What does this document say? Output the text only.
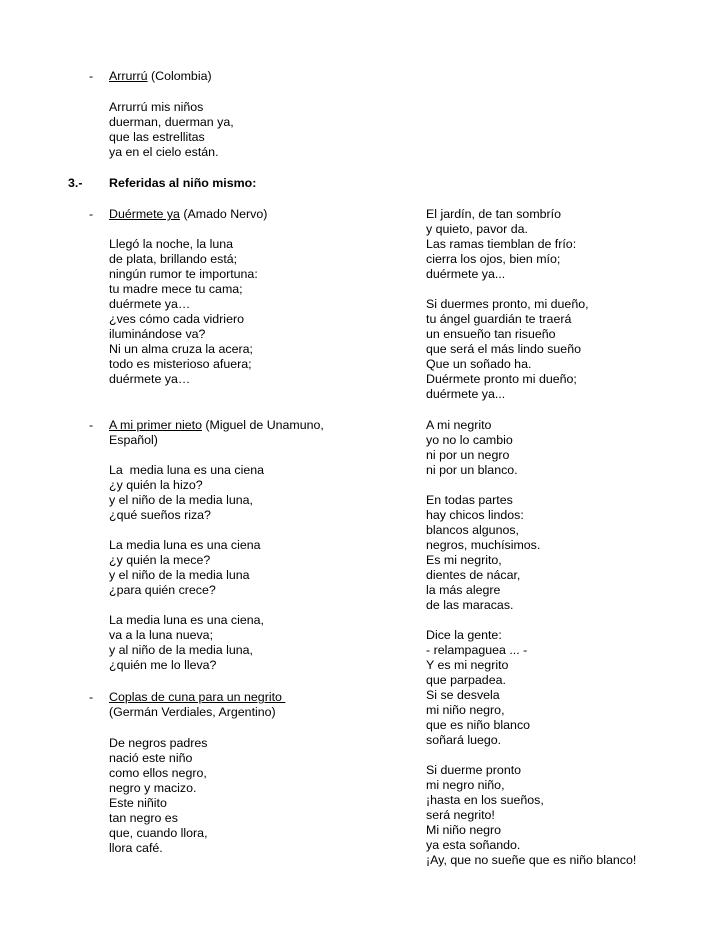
- Arrurrú (Colombia)
Arrurrú mis niños
duerman, duerman ya,
que las estrellitas
ya en el cielo están.
3.- Referidas al niño mismo:
- Duérmete ya (Amado Nervo)
Llegó la noche, la luna
de plata, brillando está;
ningún rumor te importuna:
tu madre mece tu cama;
duérmete ya…
¿ves cómo cada vidriero
iluminándose va?
Ni un alma cruza la acera;
todo es misterioso afuera;
duérmete ya…
El jardín, de tan sombrío
y quieto, pavor da.
Las ramas tiemblan de frío:
cierra los ojos, bien mío;
duérmete ya...
Si duermes pronto, mi dueño,
tu ángel guardián te traerá
un ensueño tan risueño
que será el más lindo sueño
Que un soñado ha.
Duérmete pronto mi dueño;
duérmete ya...
- A mi primer nieto (Miguel de Unamuno,
Español)
La  media luna es una ciena
¿y quién la hizo?
y el niño de la media luna,
¿qué sueños riza?
La media luna es una ciena
¿y quién la mece?
y el niño de la media luna
¿para quién crece?
La media luna es una ciena,
va a la luna nueva;
y al niño de la media luna,
¿quién me lo lleva?
- Coplas de cuna para un negrito
(Germán Verdiales, Argentino)
De negros padres
nació este niño
como ellos negro,
negro y macizo.
Este niñito
tan negro es
que, cuando llora,
llora café.
A mi negrito
yo no lo cambio
ni por un negro
ni por un blanco.
En todas partes
hay chicos lindos:
blancos algunos,
negros, muchísimos.
Es mi negrito,
dientes de nácar,
la más alegre
de las maracas.
Dice la gente:
- relampaguea ... -
Y es mi negrito
que parpadea.
Si se desvela
mi niño negro,
que es niño blanco
soñará luego.
Si duerme pronto
mi negro niño,
¡hasta en los sueños,
será negrito!
Mi niño negro
ya esta soñando.
¡Ay, que no sueñe que es niño blanco!
